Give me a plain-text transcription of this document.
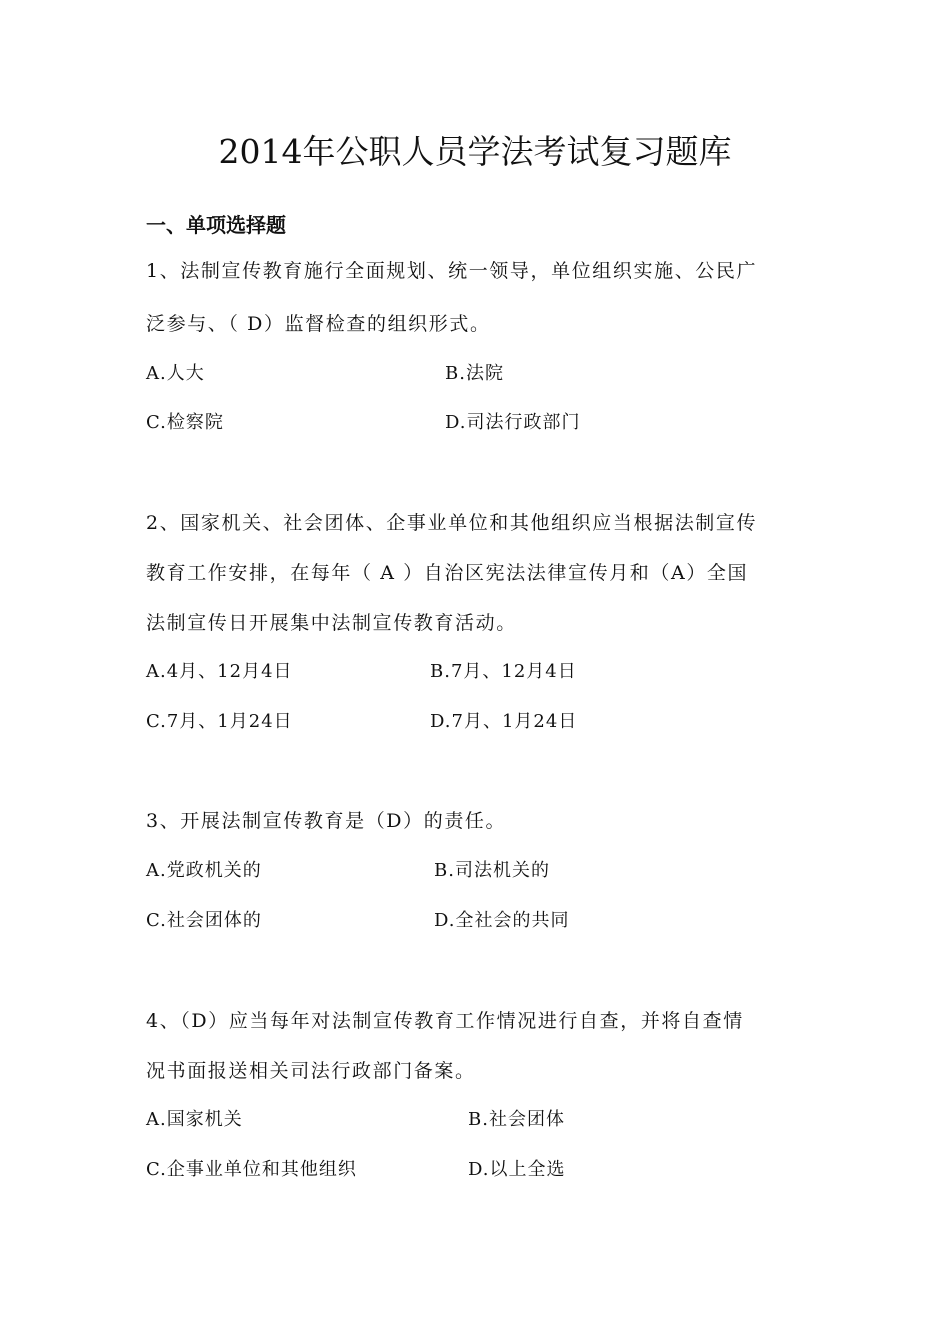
2014年公职人员学法考试复习题库
一、单项选择题
1、法制宣传教育施行全面规划、统一领导，单位组织实施、公民广
泛参与、（ D）监督检查的组织形式。
A.人大	B.法院
C.检察院	D.司法行政部门
2、国家机关、社会团体、企事业单位和其他组织应当根据法制宣传
教育工作安排，在每年（ A ）自治区宪法法律宣传月和（A）全国
法制宣传日开展集中法制宣传教育活动。
A.4月、12月4日	B.7月、12月4日
C.7月、1月24日	D.7月、1月24日
3、开展法制宣传教育是（D）的责任。
A.党政机关的	B.司法机关的
C.社会团体的	D.全社会的共同
4、（D）应当每年对法制宣传教育工作情况进行自查，并将自查情
况书面报送相关司法行政部门备案。
A.国家机关	B.社会团体
C.企事业单位和其他组织	D.以上全选
